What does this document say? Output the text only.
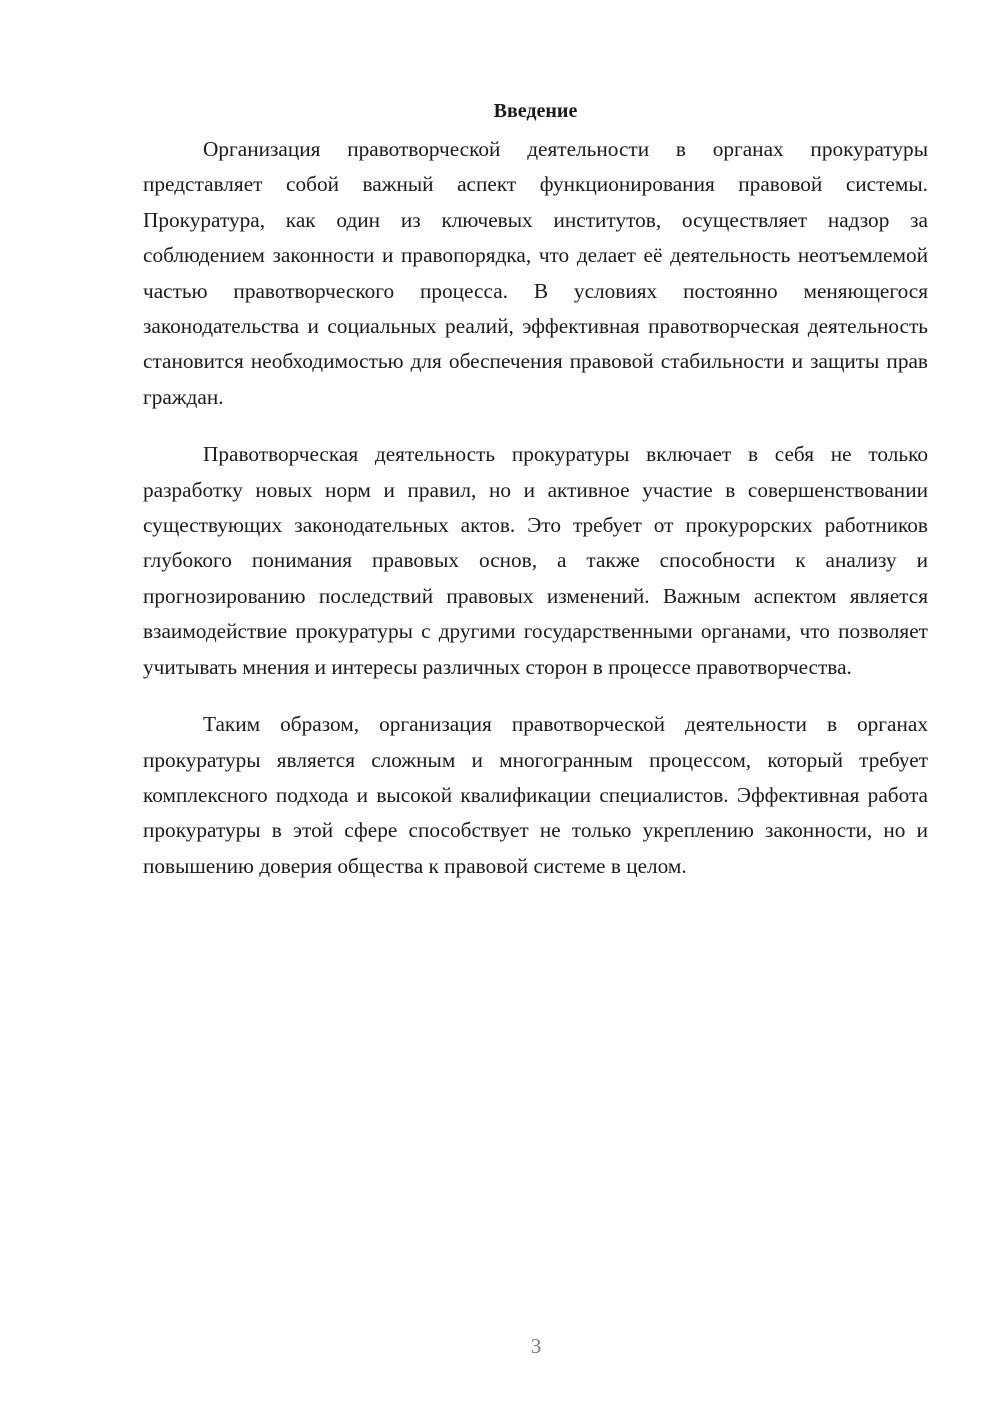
Введение

Организация правотворческой деятельности в органах прокуратуры представляет собой важный аспект функционирования правовой системы. Прокуратура, как один из ключевых институтов, осуществляет надзор за соблюдением законности и правопорядка, что делает её деятельность неотъемлемой частью правотворческого процесса. В условиях постоянно меняющегося законодательства и социальных реалий, эффективная правотворческая деятельность становится необходимостью для обеспечения правовой стабильности и защиты прав граждан.

Правотворческая деятельность прокуратуры включает в себя не только разработку новых норм и правил, но и активное участие в совершенствовании существующих законодательных актов. Это требует от прокурорских работников глубокого понимания правовых основ, а также способности к анализу и прогнозированию последствий правовых изменений. Важным аспектом является взаимодействие прокуратуры с другими государственными органами, что позволяет учитывать мнения и интересы различных сторон в процессе правотворчества.

Таким образом, организация правотворческой деятельности в органах прокуратуры является сложным и многогранным процессом, который требует комплексного подхода и высокой квалификации специалистов. Эффективная работа прокуратуры в этой сфере способствует не только укреплению законности, но и повышению доверия общества к правовой системе в целом.

3
